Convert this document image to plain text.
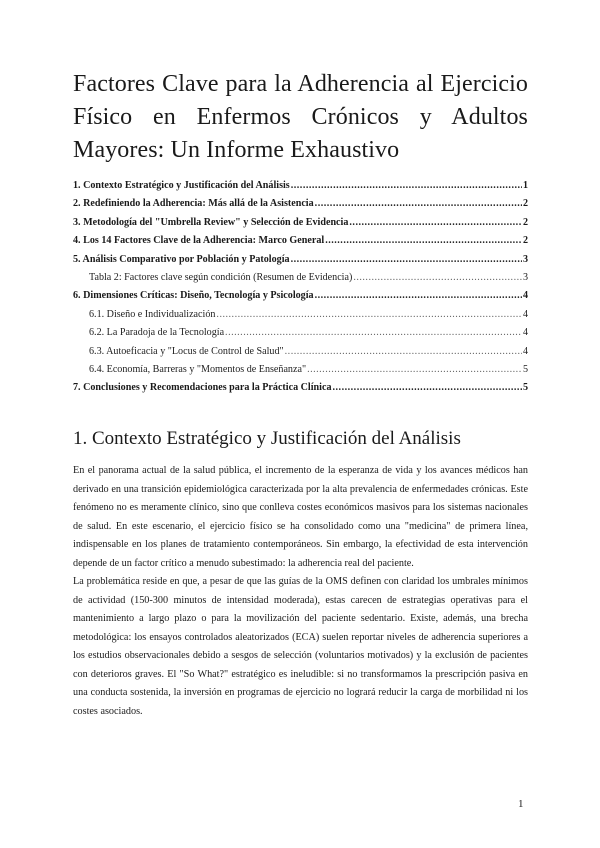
Factores Clave para la Adherencia al Ejercicio Físico en Enfermos Crónicos y Adultos Mayores: Un Informe Exhaustivo
1. Contexto Estratégico y Justificación del Análisis .....	1
2. Redefiniendo la Adherencia: Más allá de la Asistencia .....	2
3. Metodología del "Umbrella Review" y Selección de Evidencia .....	2
4. Los 14 Factores Clave de la Adherencia: Marco General .....	2
5. Análisis Comparativo por Población y Patología .....	3
Tabla 2: Factores clave según condición (Resumen de Evidencia) .....	3
6. Dimensiones Críticas: Diseño, Tecnología y Psicología .....	4
6.1. Diseño e Individualización .....	4
6.2. La Paradoja de la Tecnología .....	4
6.3. Autoeficacia y "Locus de Control de Salud" .....	4
6.4. Economía, Barreras y "Momentos de Enseñanza" .....	5
7. Conclusiones y Recomendaciones para la Práctica Clínica .....	5
1. Contexto Estratégico y Justificación del Análisis

En el panorama actual de la salud pública, el incremento de la esperanza de vida y los avances médicos han derivado en una transición epidemiológica caracterizada por la alta prevalencia de enfermedades crónicas. Este fenómeno no es meramente clínico, sino que conlleva costes económicos masivos para los sistemas nacionales de salud. En este escenario, el ejercicio físico se ha consolidado como una "medicina" de primera línea, indispensable en los planes de tratamiento contemporáneos. Sin embargo, la efectividad de esta intervención depende de un factor crítico a menudo subestimado: la adherencia real del paciente.

La problemática reside en que, a pesar de que las guías de la OMS definen con claridad los umbrales mínimos de actividad (150-300 minutos de intensidad moderada), estas carecen de estrategias operativas para el mantenimiento a largo plazo o para la movilización del paciente sedentario. Existe, además, una brecha metodológica: los ensayos controlados aleatorizados (ECA) suelen reportar niveles de adherencia superiores a los estudios observacionales debido a sesgos de selección (voluntarios motivados) y la exclusión de pacientes con deterioros graves. El "So What?" estratégico es ineludible: si no transformamos la prescripción pasiva en una conducta sostenida, la inversión en programas de ejercicio no logrará reducir la carga de morbilidad ni los costes asociados.

1
